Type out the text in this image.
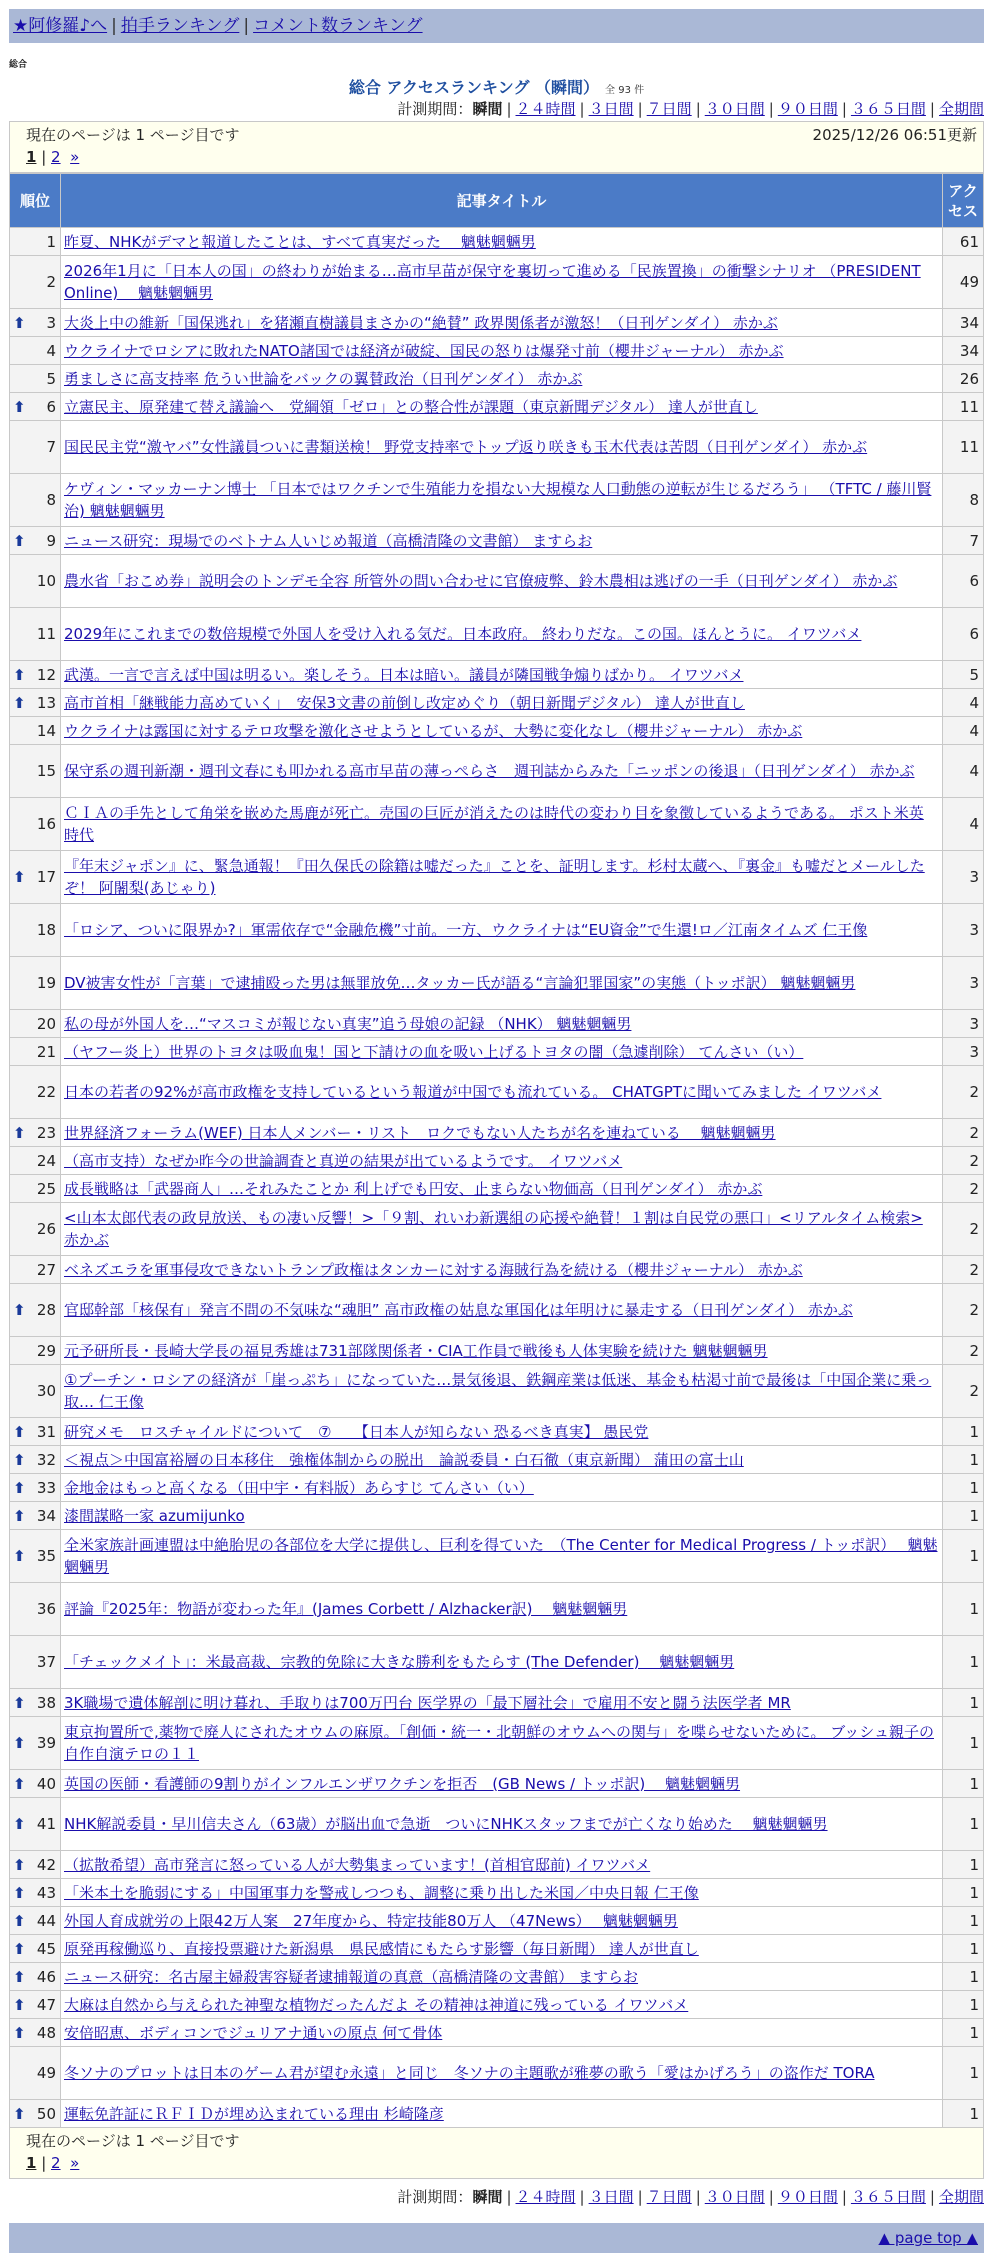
★阿修羅♪へ | 拍手ランキング | コメント数ランキング
総合
総合 アクセスランキング （瞬間） 全 93 件
計測期間：瞬間 | ２４時間 | ３日間 | ７日間 | ３０日間 | ９０日間 | ３６５日間 | 全期間
現在のページは 1 ページ目です	2025/12/26 06:51更新
1 | 2 »
順位	記事タイトル	アクセス
1	昨夏、NHKがデマと報道したことは、すべて真実だった　 魑魅魍魎男	61
2	2026年1月に「日本人の国」の終わりが始まる…高市早苗が保守を裏切って進める「民族置換」の衝撃シナリオ （PRESIDENT Online)　 魑魅魍魎男	49

⬆ 3	大炎上中の維新「国保逃れ」を猪瀬直樹議員まさかの“絶賛” 政界関係者が激怒！（日刊ゲンダイ） 赤かぶ	34
4	ウクライナでロシアに敗れたNATO諸国では経済が破綻、国民の怒りは爆発寸前（櫻井ジャーナル） 赤かぶ	34
5	勇ましさに高支持率 危うい世論をバックの翼賛政治（日刊ゲンダイ） 赤かぶ	26

⬆ 6	立憲民主、原発建て替え議論へ　党綱領「ゼロ」との整合性が課題（東京新聞デジタル） 達人が世直し	11
7	国民民主党“激ヤバ”女性議員ついに書類送検！ 野党支持率でトップ返り咲きも玉木代表は苦悶（日刊ゲンダイ） 赤かぶ	11
8	ケヴィン・マッカーナン博士 「日本ではワクチンで生殖能力を損ない大規模な人口動態の逆転が生じるだろう」 （TFTC / 藤川賢治) 魑魅魍魎男	8

⬆ 9	ニュース研究：現場でのベトナム人いじめ報道（高橋清隆の文書館） ますらお	7
10	農水省「おこめ券」説明会のトンデモ全容 所管外の問い合わせに官僚疲弊、鈴木農相は逃げの一手（日刊ゲンダイ） 赤かぶ	6
11	2029年にこれまでの数倍規模で外国人を受け入れる気だ。日本政府。 終わりだな。この国。ほんとうに。 イワツバメ	6

⬆ 12	武漢。一言で言えば中国は明るい。楽しそう。日本は暗い。議員が隣国戦争煽りばかり。 イワツバメ	5

⬆ 13	高市首相「継戦能力高めていく」　安保3文書の前倒し改定めぐり（朝日新聞デジタル） 達人が世直し	4
14	ウクライナは露国に対するテロ攻撃を激化させようとしているが、大勢に変化なし（櫻井ジャーナル） 赤かぶ	4
15	保守系の週刊新潮・週刊文春にも叩かれる高市早苗の薄っぺらさ　週刊誌からみた「ニッポンの後退」（日刊ゲンダイ） 赤かぶ	4
16	ＣＩＡの手先として角栄を嵌めた馬鹿が死亡。売国の巨匠が消えたのは時代の変わり目を象徴しているようである。 ポスト米英時代	4

⬆ 17	『年末ジャポン』に、緊急通報！『田久保氏の除籍は嘘だった』ことを、証明します。杉村太蔵へ、『裏金』も嘘だとメールしたぞ！ 阿闍梨(あじゃり)	3
18	「ロシア、ついに限界か?」軍需依存で“金融危機”寸前。一方、ウクライナは“EU資金”で生還!ロ／江南タイムズ 仁王像	3
19	DV被害女性が「言葉」で逮捕殴った男は無罪放免…タッカー氏が語る“言論犯罪国家”の実態（トッポ訳） 魑魅魍魎男	3
20	私の母が外国人を…“マスコミが報じない真実”追う母娘の記録 （NHK） 魑魅魍魎男	3
21	（ヤフー炎上）世界のトヨタは吸血鬼！国と下請けの血を吸い上げるトヨタの闇（急遽削除） てんさい（い）	3
22	日本の若者の92%が高市政権を支持しているという報道が中国でも流れている。 CHATGPTに聞いてみました イワツバメ	2

⬆ 23	世界経済フォーラム(WEF) 日本人メンバー・リスト　ロクでもない人たちが名を連ねている　 魑魅魍魎男	2
24	（高市支持）なぜか昨今の世論調査と真逆の結果が出ているようです。 イワツバメ	2
25	成長戦略は「武器商人」…それみたことか 利上げでも円安、止まらない物価高（日刊ゲンダイ） 赤かぶ	2
26	<山本太郎代表の政見放送、もの凄い反響！>「９割、れいわ新選組の応援や絶賛！１割は自民党の悪口」<リアルタイム検索> 赤かぶ	2
27	ベネズエラを軍事侵攻できないトランプ政権はタンカーに対する海賊行為を続ける（櫻井ジャーナル） 赤かぶ	2

⬆ 28	官邸幹部「核保有」発言不問の不気味な“魂胆” 高市政権の姑息な軍国化は年明けに暴走する（日刊ゲンダイ） 赤かぶ	2
29	元予研所長・長崎大学長の福見秀雄は731部隊関係者・CIA工作員で戦後も人体実験を続けた 魑魅魍魎男	2
30	①プーチン・ロシアの経済が「崖っぷち」になっていた…景気後退、鉄鋼産業は低迷、基金も枯渇寸前で最後は「中国企業に乗っ取… 仁王像	2

⬆ 31	研究メモ　ロスチャイルドについて　⑦　　【日本人が知らない 恐るべき真実】 愚民党	1

⬆ 32	＜視点＞中国富裕層の日本移住　強権体制からの脱出　論説委員・白石徹（東京新聞） 蒲田の富士山	1

⬆ 33	金地金はもっと高くなる（田中宇・有料版）あらすじ てんさい（い）	1

⬆ 34	漆間謀略一家 azumijunko	1

⬆ 35	全米家族計画連盟は中絶胎児の各部位を大学に提供し、巨利を得ていた　（The Center for Medical Progress / トッポ訳）　 魑魅魍魎男	1
36	評論『2025年：物語が変わった年』(James Corbett / Alzhacker訳)　 魑魅魍魎男	1
37	「チェックメイト」：米最高裁、宗教的免除に大きな勝利をもたらす (The Defender)　 魑魅魍魎男	1

⬆ 38	3K職場で遺体解剖に明け暮れ、手取りは700万円台 医学界の「最下層社会」で雇用不安と闘う法医学者 MR	1

⬆ 39	東京拘置所で,薬物で廃人にされたオウムの麻原。「創価・統一・北朝鮮のオウムへの関与」を喋らせないために。 ブッシュ親子の自作自演テロの１１	1

⬆ 40	英国の医師・看護師の9割りがインフルエンザワクチンを拒否　(GB News / トッポ訳)　 魑魅魍魎男	1

⬆ 41	NHK解説委員・早川信夫さん（63歳）が脳出血で急逝　ついにNHKスタッフまでが亡くなり始めた　 魑魅魍魎男	1

⬆ 42	（拡散希望）高市発言に怒っている人が大勢集まっています！(首相官邸前) イワツバメ	1

⬆ 43	「米本土を脆弱にする」中国軍事力を警戒しつつも、調整に乗り出した米国／中央日報 仁王像	1

⬆ 44	外国人育成就労の上限42万人案　27年度から、特定技能80万人 （47News）　 魑魅魍魎男	1

⬆ 45	原発再稼働巡り、直接投票避けた新潟県　県民感情にもたらす影響（毎日新聞） 達人が世直し	1

⬆ 46	ニュース研究：名古屋主婦殺害容疑者逮捕報道の真意（高橋清隆の文書館） ますらお	1

⬆ 47	大麻は自然から与えられた神聖な植物だったんだよ その精神は神道に残っている イワツバメ	1

⬆ 48	安倍昭恵、ボディコンでジュリアナ通いの原点 何て骨体	1
49	冬ソナのプロットは日本のゲーム君が望む永遠」と同じ　冬ソナの主題歌が雅夢の歌う「愛はかげろう」の盗作だ TORA	1

⬆ 50	運転免許証にＲＦＩＤが埋め込まれている理由 杉崎隆彦	1
現在のページは 1 ページ目です
1 | 2 »
計測期間：瞬間 | ２４時間 | ３日間 | ７日間 | ３０日間 | ９０日間 | ３６５日間 | 全期間
▲ page top ▲
